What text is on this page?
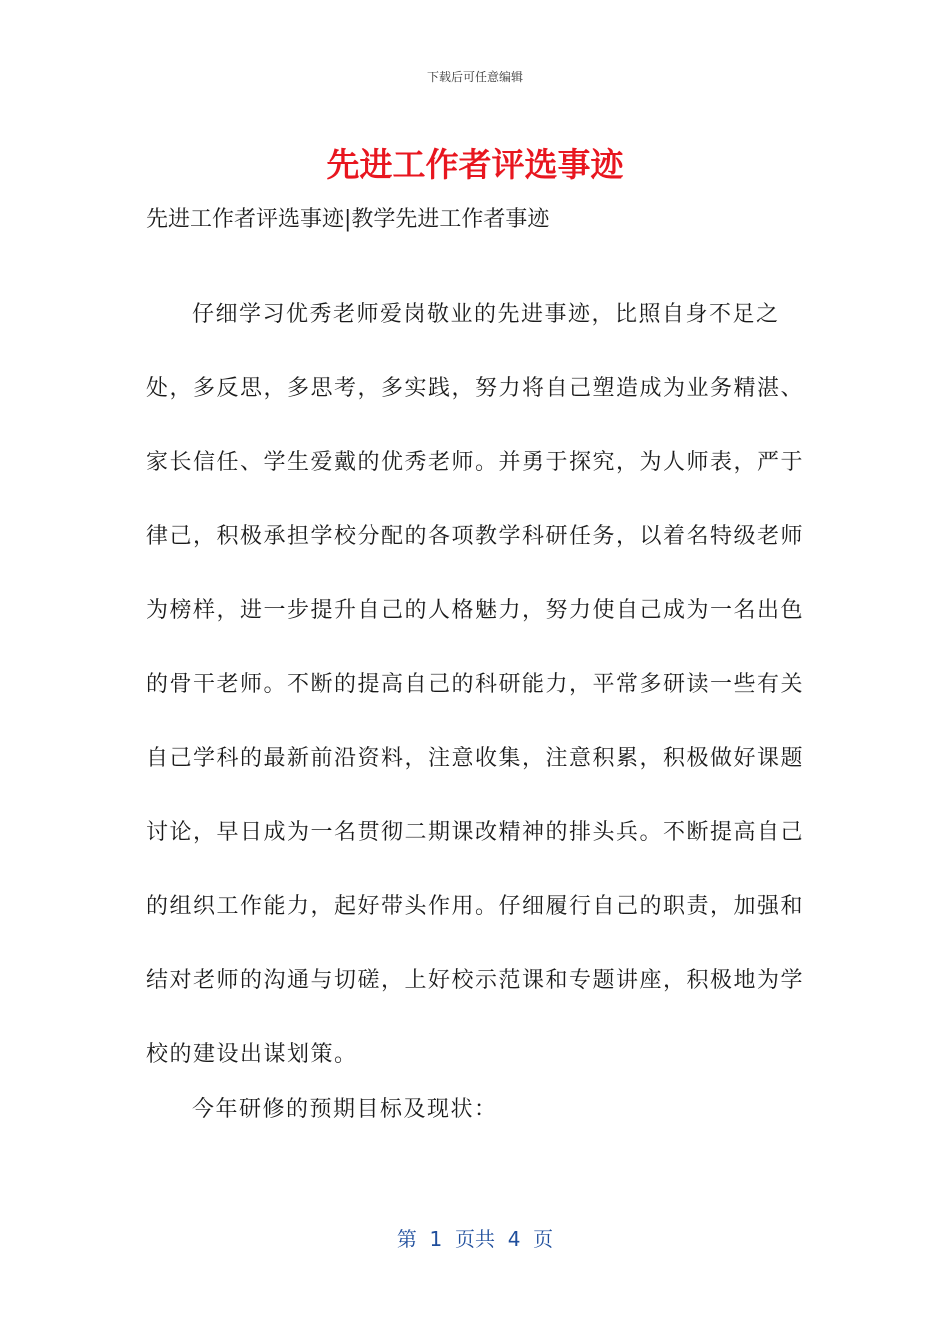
下载后可任意编辑
先进工作者评选事迹
先进工作者评选事迹|教学先进工作者事迹

仔细学习优秀老师爱岗敬业的先进事迹，比照自身不足之处，多反思，多思考，多实践，努力将自己塑造成为业务精湛、家长信任、学生爱戴的优秀老师。并勇于探究，为人师表，严于律己，积极承担学校分配的各项教学科研任务，以着名特级老师为榜样，进一步提升自己的人格魅力，努力使自己成为一名出色的骨干老师。不断的提高自己的科研能力，平常多研读一些有关自己学科的最新前沿资料，注意收集，注意积累，积极做好课题讨论，早日成为一名贯彻二期课改精神的排头兵。不断提高自己的组织工作能力，起好带头作用。仔细履行自己的职责，加强和结对老师的沟通与切磋，上好校示范课和专题讲座，积极地为学校的建设出谋划策。

今年研修的预期目标及现状：

第  1  页共  4  页
